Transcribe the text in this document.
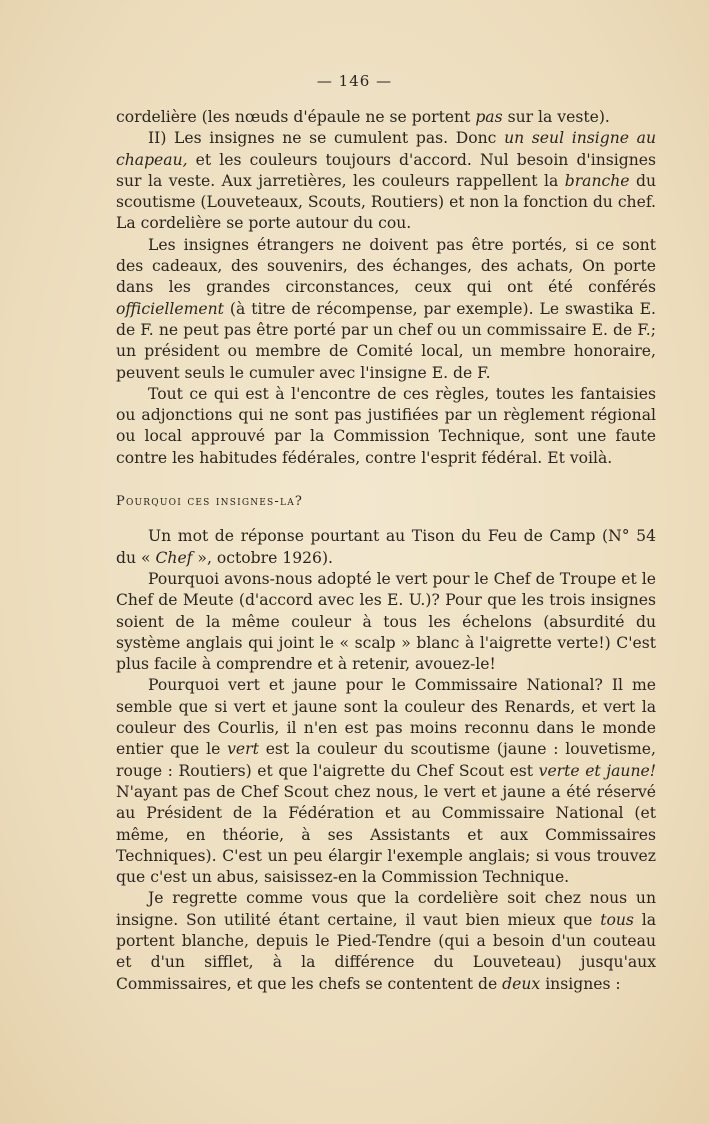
— 146 —

cordelière (les nœuds d'épaule ne se portent pas sur la veste).

II) Les insignes ne se cumulent pas. Donc un seul insigne au chapeau, et les couleurs toujours d'accord. Nul besoin d'insignes sur la veste. Aux jarretières, les couleurs rappellent la branche du scoutisme (Louveteaux, Scouts, Routiers) et non la fonction du chef. La cordelière se porte autour du cou.

Les insignes étrangers ne doivent pas être portés, si ce sont des cadeaux, des souvenirs, des échanges, des achats, On porte dans les grandes circonstances, ceux qui ont été conférés officiellement (à titre de récompense, par exemple). Le swastika E. de F. ne peut pas être porté par un chef ou un commissaire E. de F.; un président ou membre de Comité local, un membre honoraire, peuvent seuls le cumuler avec l'insigne E. de F.

Tout ce qui est à l'encontre de ces règles, toutes les fantaisies ou adjonctions qui ne sont pas justifiées par un règlement régional ou local approuvé par la Commission Technique, sont une faute contre les habitudes fédérales, contre l'esprit fédéral. Et voilà.

Pourquoi ces insignes-la?

Un mot de réponse pourtant au Tison du Feu de Camp (N° 54 du « Chef », octobre 1926).

Pourquoi avons-nous adopté le vert pour le Chef de Troupe et le Chef de Meute (d'accord avec les E. U.)? Pour que les trois insignes soient de la même couleur à tous les échelons (absurdité du système anglais qui joint le « scalp » blanc à l'aigrette verte!) C'est plus facile à comprendre et à retenir, avouez-le!

Pourquoi vert et jaune pour le Commissaire National? Il me semble que si vert et jaune sont la couleur des Renards, et vert la couleur des Courlis, il n'en est pas moins reconnu dans le monde entier que le vert est la couleur du scoutisme (jaune : louvetisme, rouge : Routiers) et que l'aigrette du Chef Scout est verte et jaune! N'ayant pas de Chef Scout chez nous, le vert et jaune a été réservé au Président de la Fédération et au Commissaire National (et même, en théorie, à ses Assistants et aux Commissaires Techniques). C'est un peu élargir l'exemple anglais; si vous trouvez que c'est un abus, saisissez-en la Commission Technique.

Je regrette comme vous que la cordelière soit chez nous un insigne. Son utilité étant certaine, il vaut bien mieux que tous la portent blanche, depuis le Pied-Tendre (qui a besoin d'un couteau et d'un sifflet, à la différence du Louveteau) jusqu'aux Commissaires, et que les chefs se contentent de deux insignes :
